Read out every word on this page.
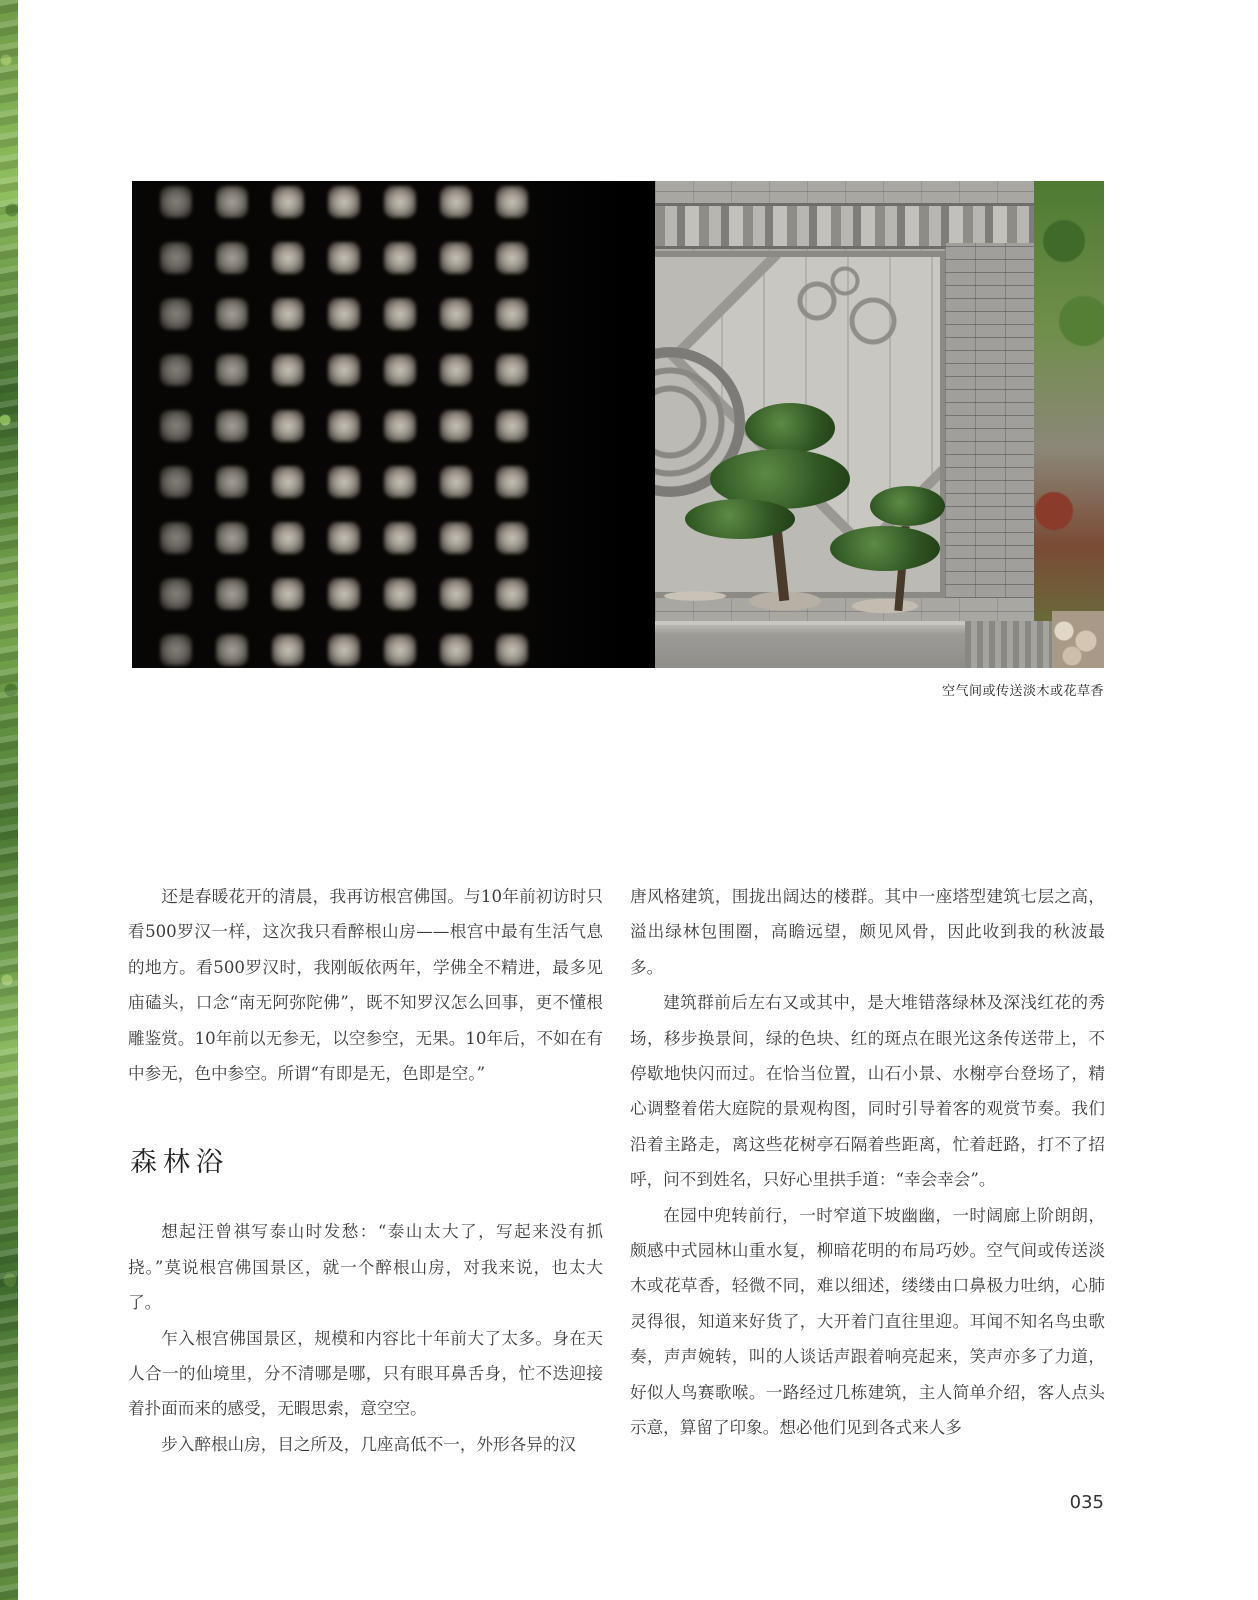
空气间或传送淡木或花草香

还是春暖花开的清晨，我再访根宫佛国。与10年前初访时只看500罗汉一样，这次我只看醉根山房——根宫中最有生活气息的地方。看500罗汉时，我刚皈依两年，学佛全不精进，最多见庙磕头，口念“南无阿弥陀佛”，既不知罗汉怎么回事，更不懂根雕鉴赏。10年前以无参无，以空参空，无果。10年后，不如在有中参无，色中参空。所谓“有即是无，色即是空。”

森林浴

想起汪曾祺写泰山时发愁：“泰山太大了，写起来没有抓挠。”莫说根宫佛国景区，就一个醉根山房，对我来说，也太大了。

乍入根宫佛国景区，规模和内容比十年前大了太多。身在天人合一的仙境里，分不清哪是哪，只有眼耳鼻舌身，忙不迭迎接着扑面而来的感受，无暇思索，意空空。

步入醉根山房，目之所及，几座高低不一，外形各异的汉

唐风格建筑，围拢出阔达的楼群。其中一座塔型建筑七层之高，溢出绿林包围圈，高瞻远望，颇见风骨，因此收到我的秋波最多。

建筑群前后左右又或其中，是大堆错落绿林及深浅红花的秀场，移步换景间，绿的色块、红的斑点在眼光这条传送带上，不停歇地快闪而过。在恰当位置，山石小景、水榭亭台登场了，精心调整着偌大庭院的景观构图，同时引导着客的观赏节奏。我们沿着主路走，离这些花树亭石隔着些距离，忙着赶路，打不了招呼，问不到姓名，只好心里拱手道：“幸会幸会”。

在园中兜转前行，一时窄道下坡幽幽，一时阔廊上阶朗朗，颇感中式园林山重水复，柳暗花明的布局巧妙。空气间或传送淡木或花草香，轻微不同，难以细述，缕缕由口鼻极力吐纳，心肺灵得很，知道来好货了，大开着门直往里迎。耳闻不知名鸟虫歌奏，声声婉转，叫的人谈话声跟着响亮起来，笑声亦多了力道，好似人鸟赛歌喉。一路经过几栋建筑，主人简单介绍，客人点头示意，算留了印象。想必他们见到各式来人多

035
